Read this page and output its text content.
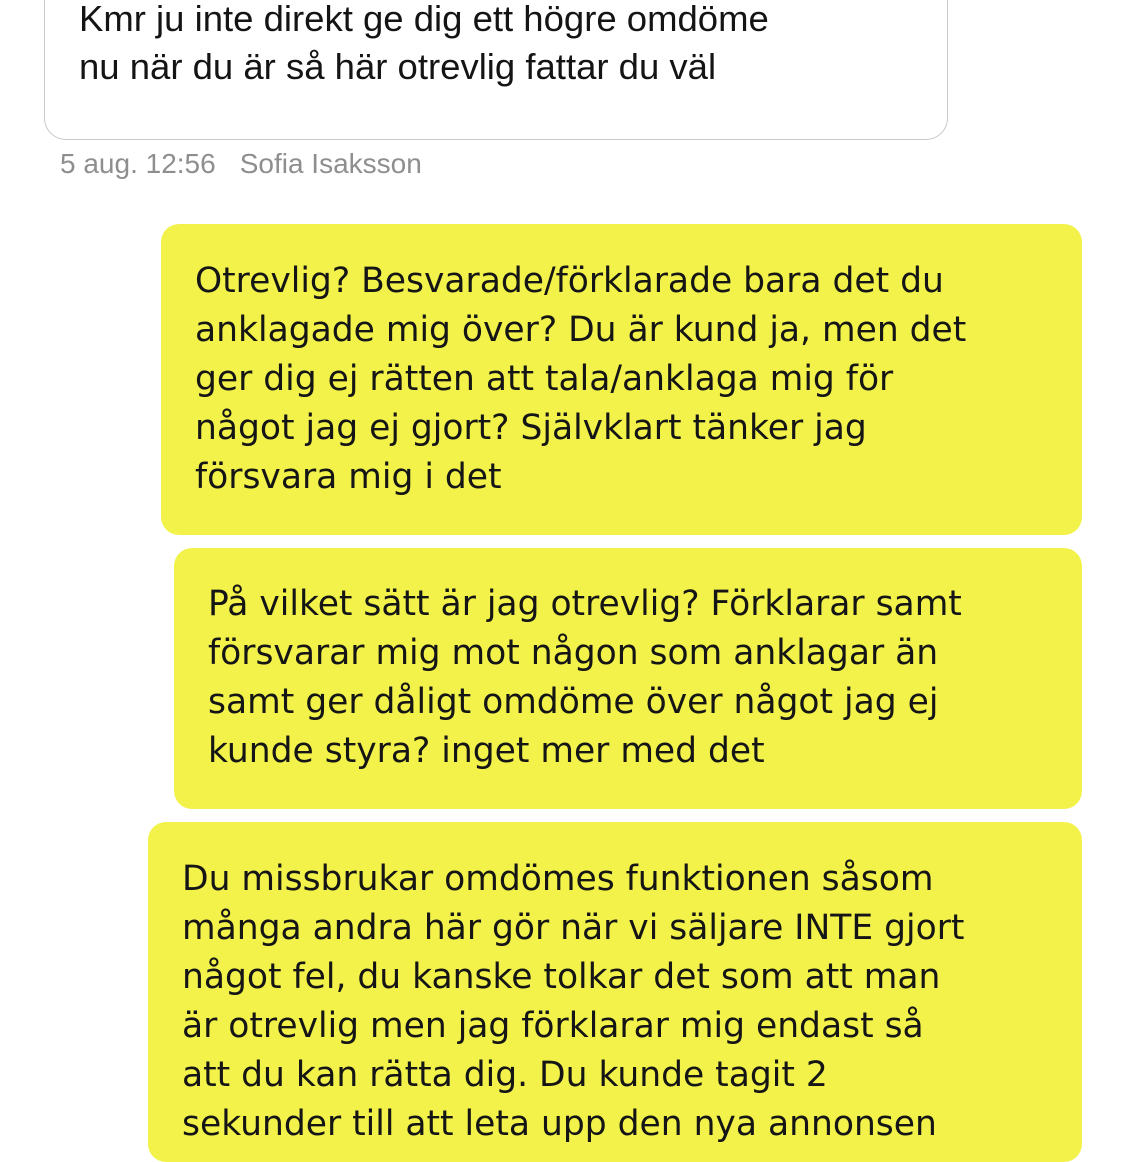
Kmr ju inte direkt ge dig ett högre omdöme
nu när du är så här otrevlig fattar du väl

5 aug. 12:56 Sofia Isaksson

Otrevlig? Besvarade/förklarade bara det du
anklagade mig över? Du är kund ja, men det
ger dig ej rätten att tala/anklaga mig för
något jag ej gjort? Självklart tänker jag
försvara mig i det

På vilket sätt är jag otrevlig? Förklarar samt
försvarar mig mot någon som anklagar än
samt ger dåligt omdöme över något jag ej
kunde styra? inget mer med det

Du missbrukar omdömes funktionen såsom
många andra här gör när vi säljare INTE gjort
något fel, du kanske tolkar det som att man
är otrevlig men jag förklarar mig endast så
att du kan rätta dig. Du kunde tagit 2
sekunder till att leta upp den nya annonsen
